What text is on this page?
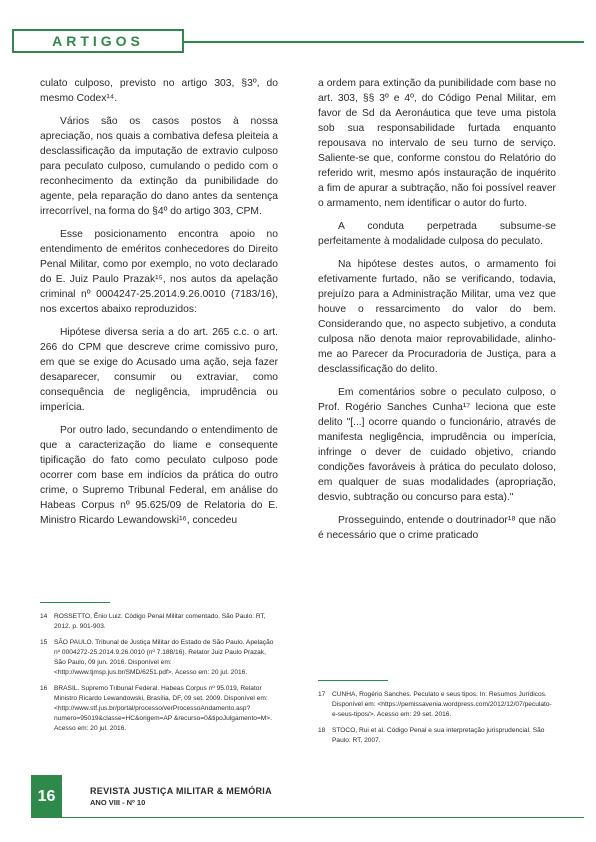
ARTIGOS

culato culposo, previsto no artigo 303, §3º, do mesmo Codex¹⁴.

Vários são os casos postos à nossa apreciação, nos quais a combativa defesa pleiteia a desclassificação da imputação de extravio culposo para peculato culposo, cumulando o pedido com o reconhecimento da extinção da punibilidade do agente, pela reparação do dano antes da sentença irrecorrível, na forma do §4º do artigo 303, CPM.

Esse posicionamento encontra apoio no entendimento de eméritos conhecedores do Direito Penal Militar, como por exemplo, no voto declarado do E. Juiz Paulo Prazak¹⁵, nos autos da apelação criminal nº 0004247-25.2014.9.26.0010 (7183/16), nos excertos abaixo reproduzidos:

Hipótese diversa seria a do art. 265 c.c. o art. 266 do CPM que descreve crime comissivo puro, em que se exige do Acusado uma ação, seja fazer desaparecer, consumir ou extraviar, como consequência de negligência, imprudência ou imperícia.

Por outro lado, secundando o entendimento de que a caracterização do liame e consequente tipificação do fato como peculato culposo pode ocorrer com base em indícios da prática do outro crime, o Supremo Tribunal Federal, em análise do Habeas Corpus nº 95.625/09 de Relatoria do E. Ministro Ricardo Lewandowski¹⁶, concedeu

a ordem para extinção da punibilidade com base no art. 303, §§ 3º e 4º, do Código Penal Militar, em favor de Sd da Aeronáutica que teve uma pistola sob sua responsabilidade furtada enquanto repousava no intervalo de seu turno de serviço. Saliente-se que, conforme constou do Relatório do referido writ, mesmo após instauração de inquérito a fim de apurar a subtração, não foi possível reaver o armamento, nem identificar o autor do furto.

A conduta perpetrada subsume-se perfeitamente à modalidade culposa do peculato.

Na hipótese destes autos, o armamento foi efetivamente furtado, não se verificando, todavia, prejuízo para a Administração Militar, uma vez que houve o ressarcimento do valor do bem. Considerando que, no aspecto subjetivo, a conduta culposa não denota maior reprovabilidade, alinho-me ao Parecer da Procuradoria de Justiça, para a desclassificação do delito.

Em comentários sobre o peculato culposo, o Prof. Rogério Sanches Cunha¹⁷ leciona que este delito "[...] ocorre quando o funcionário, através de manifesta negligência, imprudência ou imperícia, infringe o dever de cuidado objetivo, criando condições favoráveis à prática do peculato doloso, em qualquer de suas modalidades (apropriação, desvio, subtração ou concurso para esta)."

Prosseguindo, entende o doutrinador¹⁸ que não é necessário que o crime praticado

14 ROSSETTO, Ênio Luiz. Código Penal Militar comentado. São Paulo: RT, 2012. p. 901-903.

15 SÃO PAULO. Tribunal de Justiça Militar do Estado de São Paulo. Apelação nº 0004272-25.2014.9.26.0010 (nº 7.188/16). Relator Juiz Paulo Prazak, São Paulo, 09 jun. 2016. Disponível em: <http://www.tjmsp.jus.br/SMD/6251.pdf>. Acesso em: 20 jul. 2016.

16 BRASIL. Supremo Tribunal Federal. Habeas Corpus nº 95.019, Relator Ministro Ricardo Lewandowski, Brasília, DF, 09 set. 2009. Disponível em: <http://www.stf.jus.br/portal/processo/verProcessoAndamento.asp?numero=95019&classe=HC&origem=AP &recurso=0&tipoJulgamento=M>. Acesso em: 20 jul. 2016.

17 CUNHA, Rogério Sanches. Peculato e seus tipos. In: Resumos Jurídicos. Disponível em: <https://pemissavenia.wordpress.com/2012/12/07/peculato-e-seus-tipos/>. Acesso em: 29 set. 2016.

18 STOCO, Rui et al. Código Penal e sua interpretação jurisprudencial. São Paulo: RT, 2007.

16	REVISTA JUSTIÇA MILITAR & MEMÓRIA
ANO VIII - Nº 10
